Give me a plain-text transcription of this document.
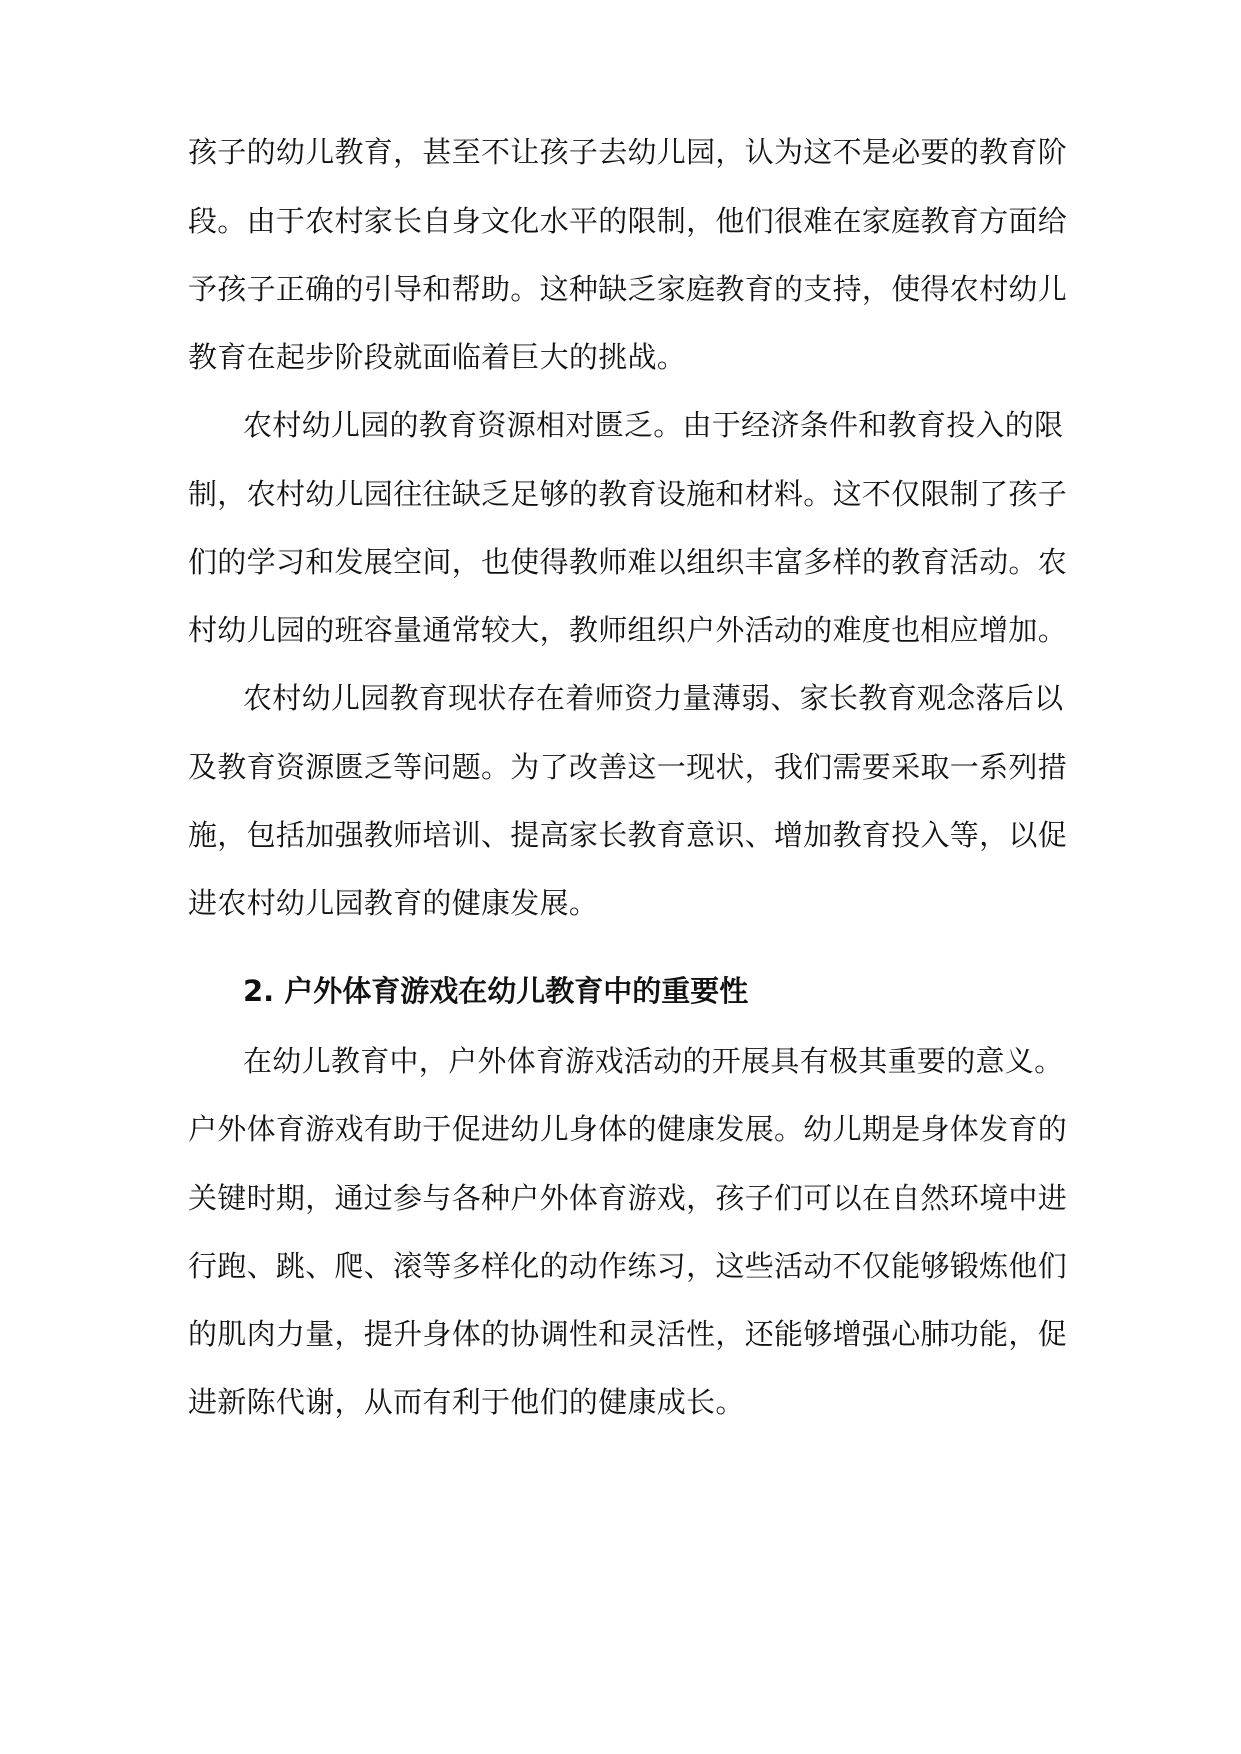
孩子的幼儿教育，甚至不让孩子去幼儿园，认为这不是必要的教育阶
段。由于农村家长自身文化水平的限制，他们很难在家庭教育方面给
予孩子正确的引导和帮助。这种缺乏家庭教育的支持，使得农村幼儿
教育在起步阶段就面临着巨大的挑战。
农村幼儿园的教育资源相对匮乏。由于经济条件和教育投入的限
制，农村幼儿园往往缺乏足够的教育设施和材料。这不仅限制了孩子
们的学习和发展空间，也使得教师难以组织丰富多样的教育活动。农
村幼儿园的班容量通常较大，教师组织户外活动的难度也相应增加。
农村幼儿园教育现状存在着师资力量薄弱、家长教育观念落后以
及教育资源匮乏等问题。为了改善这一现状，我们需要采取一系列措
施，包括加强教师培训、提高家长教育意识、增加教育投入等，以促
进农村幼儿园教育的健康发展。
2. 户外体育游戏在幼儿教育中的重要性
在幼儿教育中，户外体育游戏活动的开展具有极其重要的意义。
户外体育游戏有助于促进幼儿身体的健康发展。幼儿期是身体发育的
关键时期，通过参与各种户外体育游戏，孩子们可以在自然环境中进
行跑、跳、爬、滚等多样化的动作练习，这些活动不仅能够锻炼他们
的肌肉力量，提升身体的协调性和灵活性，还能够增强心肺功能，促
进新陈代谢，从而有利于他们的健康成长。
